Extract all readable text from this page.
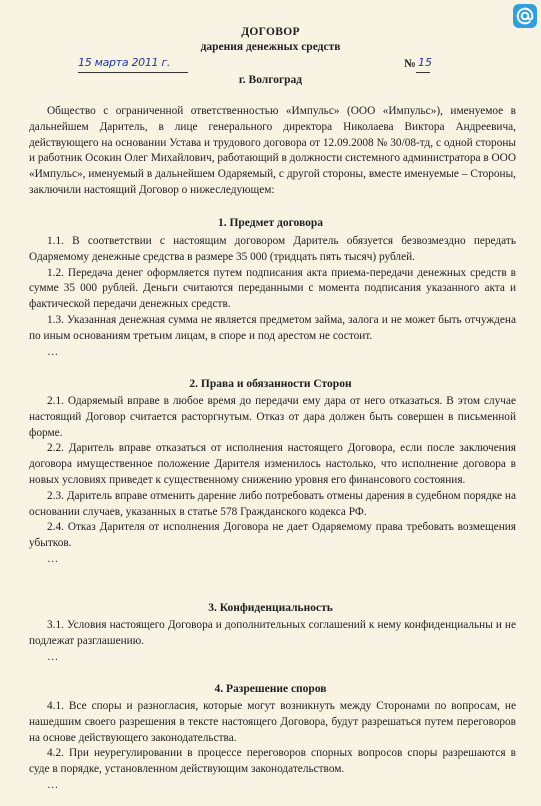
ДОГОВОР
дарения денежных средств
15 марта 2011 г.	№ 15
г. Волгоград

Общество с ограниченной ответственностью «Импульс» (ООО «Импульс»), именуемое в дальнейшем Даритель, в лице генерального директора Николаева Виктора Андреевича, действующего на основании Устава и трудового договора от 12.09.2008 № 30/08-тд, с одной стороны и работник Осокин Олег Михайлович, работающий в должности системного администратора в ООО «Импульс», именуемый в дальнейшем Одаряемый, с другой стороны, вместе именуемые – Стороны, заключили настоящий Договор о нижеследующем:

1. Предмет договора

1.1. В соответствии с настоящим договором Даритель обязуется безвозмездно передать Одаряемому денежные средства в размере 35 000 (тридцать пять тысяч) рублей.

1.2. Передача денег оформляется путем подписания акта приема-передачи денежных средств в сумме 35 000 рублей. Деньги считаются переданными с момента подписания указанного акта и фактической передачи денежных средств.

1.3. Указанная денежная сумма не является предметом займа, залога и не может быть отчуждена по иным основаниям третьим лицам, в споре и под арестом не состоит.

…

2. Права и обязанности Сторон

2.1. Одаряемый вправе в любое время до передачи ему дара от него отказаться. В этом случае настоящий Договор считается расторгнутым. Отказ от дара должен быть совершен в письменной форме.

2.2. Даритель вправе отказаться от исполнения настоящего Договора, если после заключения договора имущественное положение Дарителя изменилось настолько, что исполнение договора в новых условиях приведет к существенному снижению уровня его финансового состояния.

2.3. Даритель вправе отменить дарение либо потребовать отмены дарения в судебном порядке на основании случаев, указанных в статье 578 Гражданского кодекса РФ.

2.4. Отказ Дарителя от исполнения Договора не дает Одаряемому права требовать возмещения убытков.

…

3. Конфиденциальность

3.1. Условия настоящего Договора и дополнительных соглашений к нему конфиденциальны и не подлежат разглашению.

…

4. Разрешение споров

4.1. Все споры и разногласия, которые могут возникнуть между Сторонами по вопросам, не нашедшим своего разрешения в тексте настоящего Договора, будут разрешаться путем переговоров на основе действующего законодательства.

4.2. При неурегулировании в процессе переговоров спорных вопросов споры разрешаются в суде в порядке, установленном действующим законодательством.

…
